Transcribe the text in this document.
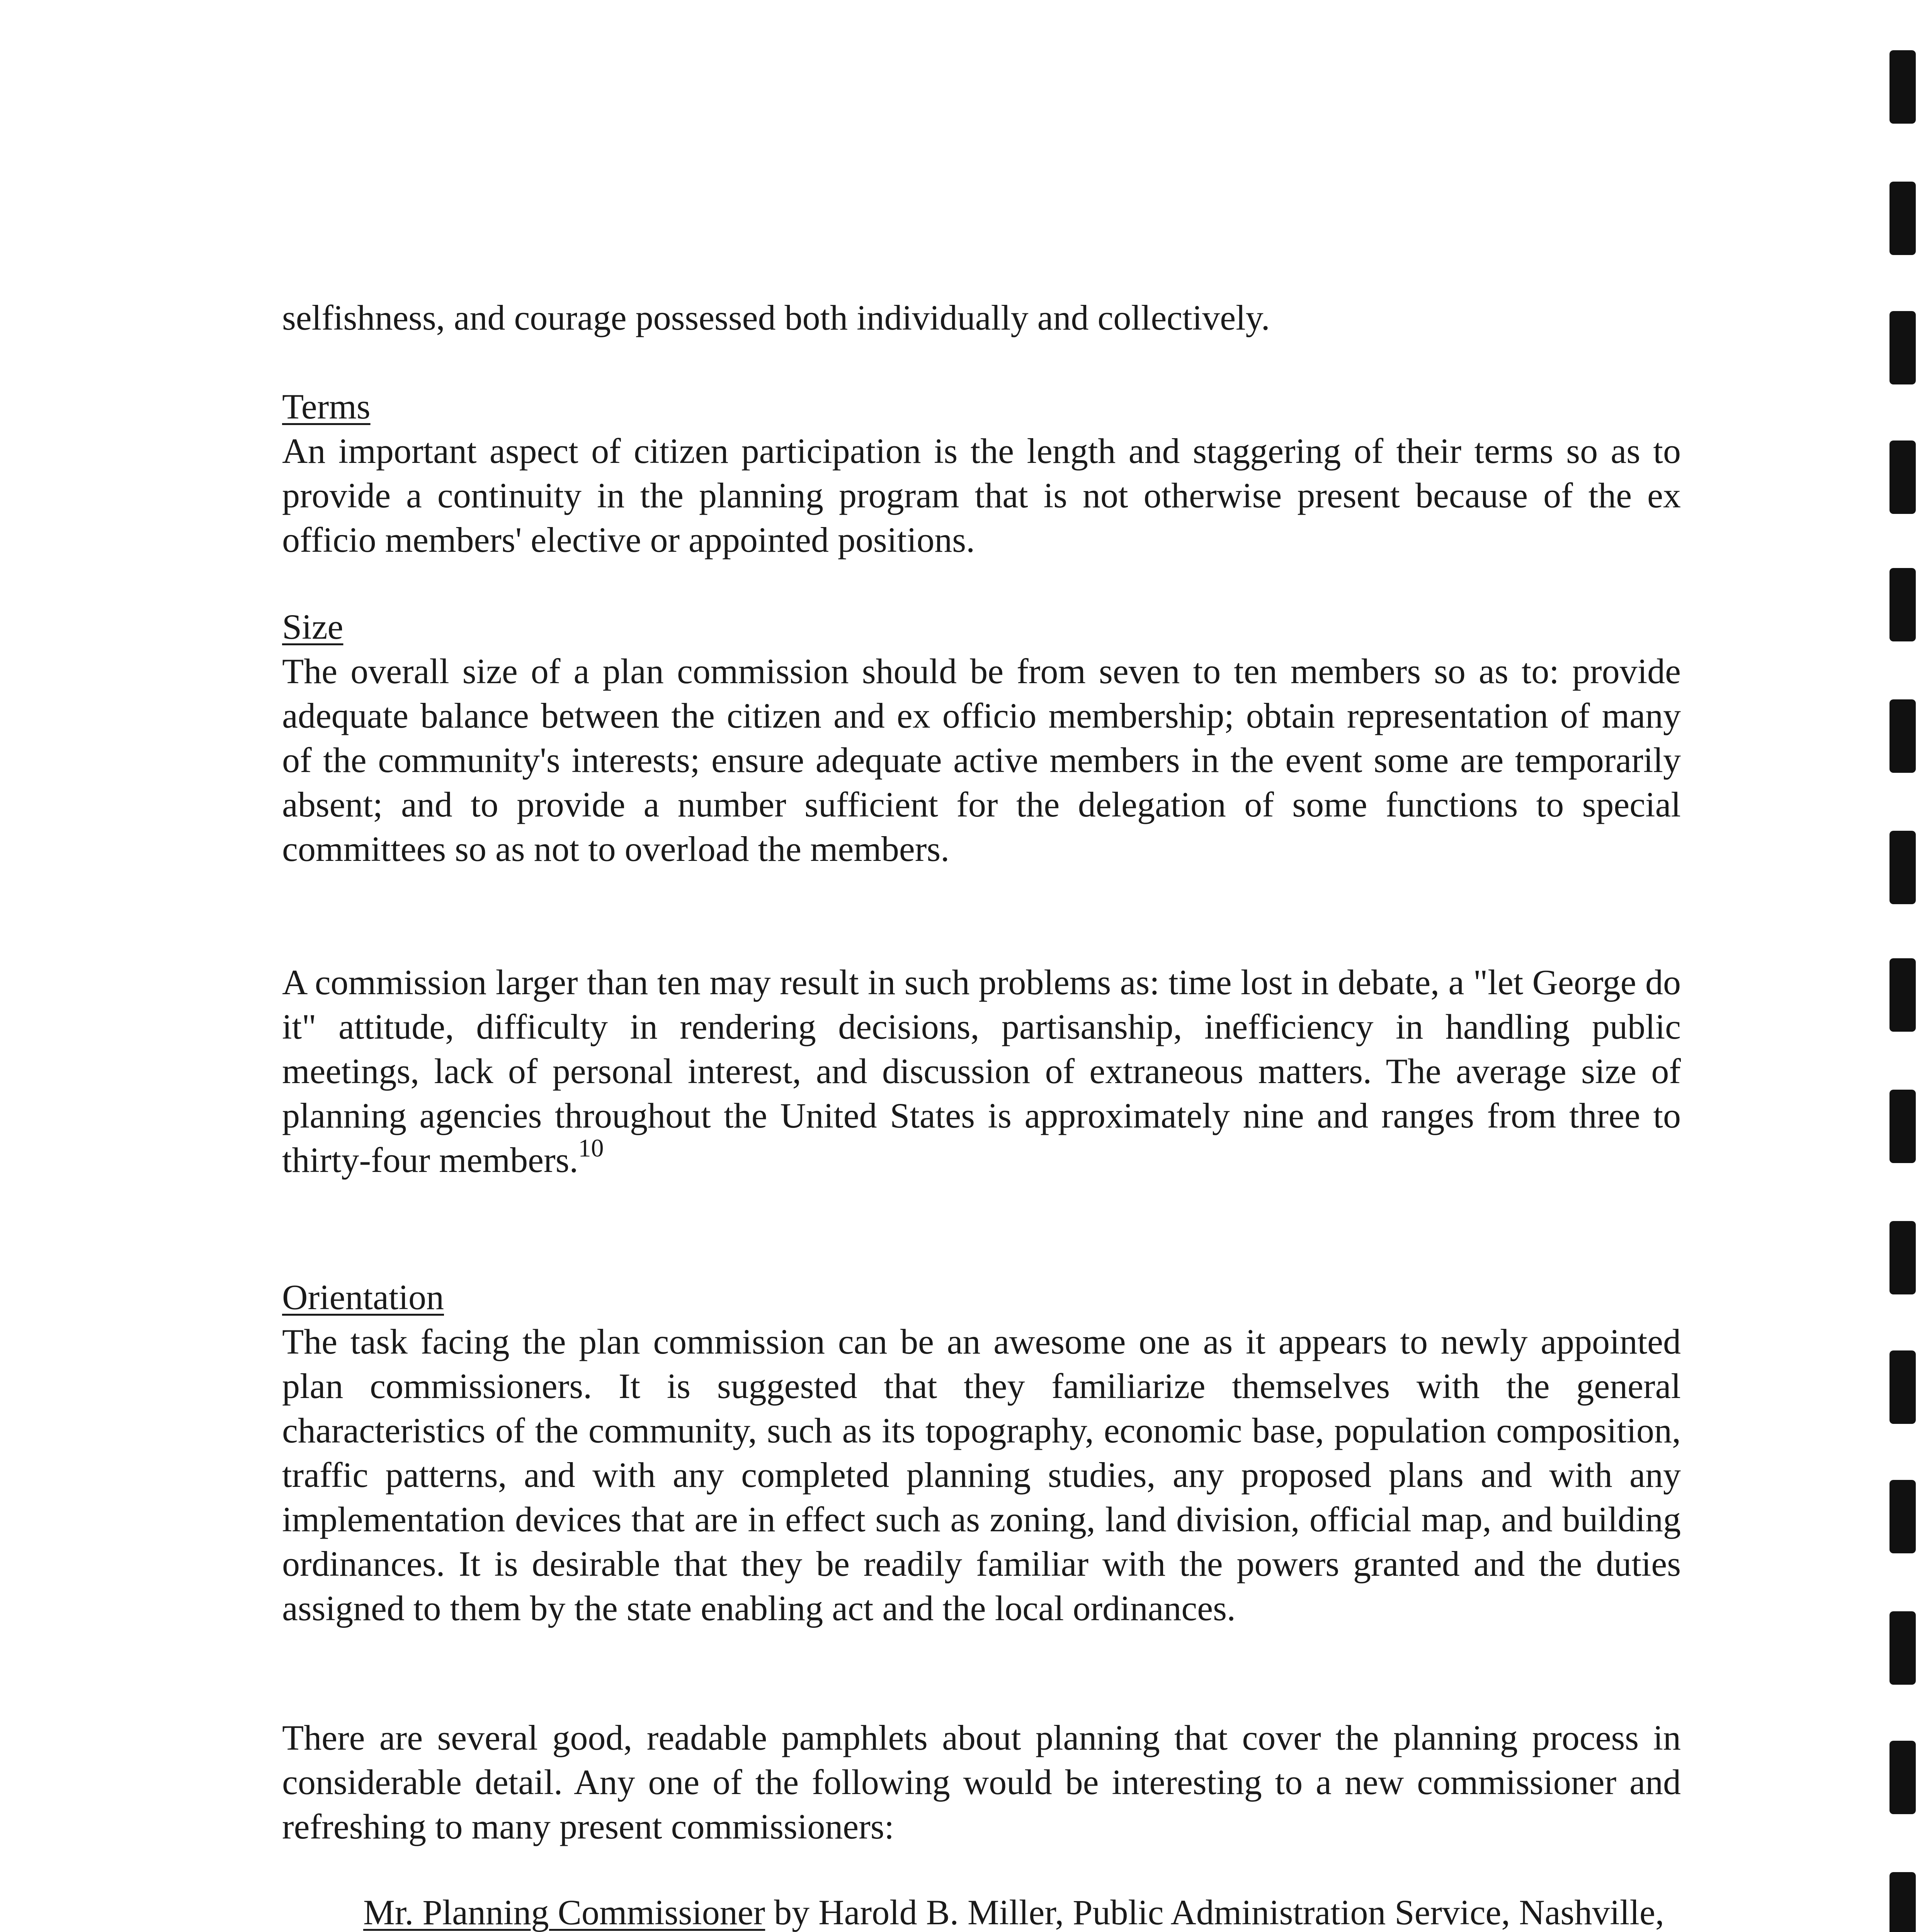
selfishness, and courage possessed both individually and collectively.

Terms

An important aspect of citizen participation is the length and staggering of their terms so as to provide a continuity in the planning program that is not otherwise present because of the ex officio members' elective or appointed positions.

Size

The overall size of a plan commission should be from seven to ten members so as to: provide adequate balance between the citizen and ex officio membership; obtain representation of many of the community's interests; ensure adequate active members in the event some are temporarily absent; and to provide a number sufficient for the delegation of some functions to special committees so as not to overload the members.

A commission larger than ten may result in such problems as: time lost in debate, a "let George do it" attitude, difficulty in rendering decisions, partisanship, inefficiency in handling public meetings, lack of personal interest, and discussion of extraneous matters. The average size of planning agencies throughout the United States is approximately nine and ranges from three to thirty-four members.$^{10}$

Orientation

The task facing the plan commission can be an awesome one as it appears to newly appointed plan commissioners. It is suggested that they familiarize themselves with the general characteristics of the community, such as its topography, economic base, population composition, traffic patterns, and with any completed planning studies, any proposed plans and with any implementation devices that are in effect such as zoning, land division, official map, and building ordinances. It is desirable that they be readily familiar with the powers granted and the duties assigned to them by the state enabling act and the local ordinances.

There are several good, readable pamphlets about planning that cover the planning process in considerable detail. Any one of the following would be interesting to a new commissioner and refreshing to many present commissioners:

Mr. Planning Commissioner by Harold B. Miller, Public Administration Service, Nashville,
